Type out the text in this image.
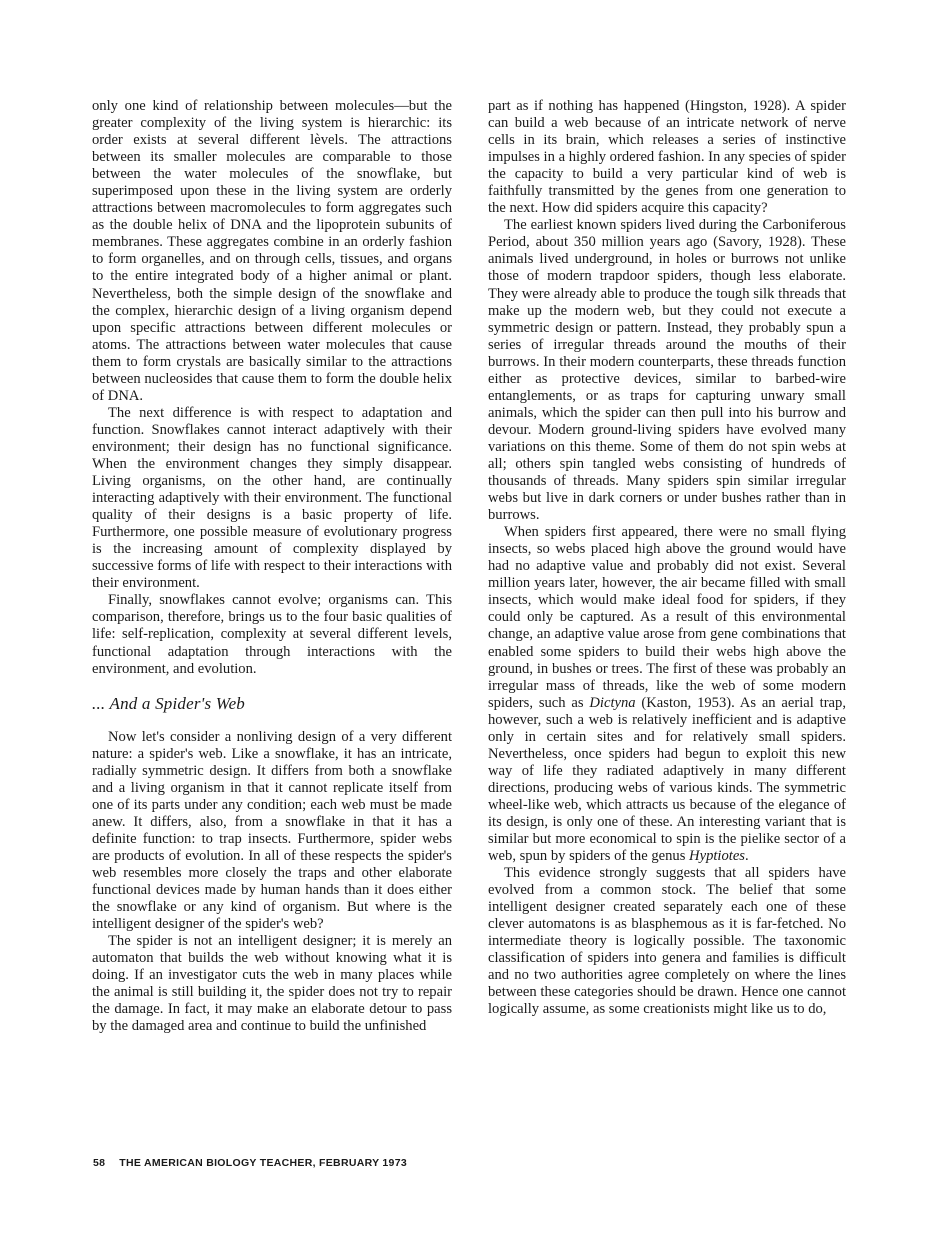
only one kind of relationship between molecules—but the greater complexity of the living system is hierarchic: its order exists at several different lèvels. The attractions between its smaller molecules are comparable to those between the water molecules of the snowflake, but superimposed upon these in the living system are orderly attractions between macromolecules to form aggregates such as the double helix of DNA and the lipoprotein subunits of membranes. These aggregates combine in an orderly fashion to form organelles, and on through cells, tissues, and organs to the entire integrated body of a higher animal or plant. Nevertheless, both the simple design of the snowflake and the complex, hierarchic design of a living organism depend upon specific attractions between different molecules or atoms. The attractions between water molecules that cause them to form crystals are basically similar to the attractions between nucleosides that cause them to form the double helix of DNA.

The next difference is with respect to adaptation and function. Snowflakes cannot interact adaptively with their environment; their design has no functional significance. When the environment changes they simply disappear. Living organisms, on the other hand, are continually interacting adaptively with their environment. The functional quality of their designs is a basic property of life. Furthermore, one possible measure of evolutionary progress is the increasing amount of complexity displayed by successive forms of life with respect to their interactions with their environment.

Finally, snowflakes cannot evolve; organisms can. This comparison, therefore, brings us to the four basic qualities of life: self-replication, complexity at several different levels, functional adaptation through interactions with the environment, and evolution.

... And a Spider's Web

Now let's consider a nonliving design of a very different nature: a spider's web. Like a snowflake, it has an intricate, radially symmetric design. It differs from both a snowflake and a living organism in that it cannot replicate itself from one of its parts under any condition; each web must be made anew. It differs, also, from a snowflake in that it has a definite function: to trap insects. Furthermore, spider webs are products of evolution. In all of these respects the spider's web resembles more closely the traps and other elaborate functional devices made by human hands than it does either the snowflake or any kind of organism. But where is the intelligent designer of the spider's web?

The spider is not an intelligent designer; it is merely an automaton that builds the web without knowing what it is doing. If an investigator cuts the web in many places while the animal is still building it, the spider does not try to repair the damage. In fact, it may make an elaborate detour to pass by the damaged area and continue to build the unfinished

part as if nothing has happened (Hingston, 1928). A spider can build a web because of an intricate network of nerve cells in its brain, which releases a series of instinctive impulses in a highly ordered fashion. In any species of spider the capacity to build a very particular kind of web is faithfully transmitted by the genes from one generation to the next. How did spiders acquire this capacity?

The earliest known spiders lived during the Carboniferous Period, about 350 million years ago (Savory, 1928). These animals lived underground, in holes or burrows not unlike those of modern trapdoor spiders, though less elaborate. They were already able to produce the tough silk threads that make up the modern web, but they could not execute a symmetric design or pattern. Instead, they probably spun a series of irregular threads around the mouths of their burrows. In their modern counterparts, these threads function either as protective devices, similar to barbed-wire entanglements, or as traps for capturing unwary small animals, which the spider can then pull into his burrow and devour. Modern ground-living spiders have evolved many variations on this theme. Some of them do not spin webs at all; others spin tangled webs consisting of hundreds of thousands of threads. Many spiders spin similar irregular webs but live in dark corners or under bushes rather than in burrows.

When spiders first appeared, there were no small flying insects, so webs placed high above the ground would have had no adaptive value and probably did not exist. Several million years later, however, the air became filled with small insects, which would make ideal food for spiders, if they could only be captured. As a result of this environmental change, an adaptive value arose from gene combinations that enabled some spiders to build their webs high above the ground, in bushes or trees. The first of these was probably an irregular mass of threads, like the web of some modern spiders, such as Dictyna (Kaston, 1953). As an aerial trap, however, such a web is relatively inefficient and is adaptive only in certain sites and for relatively small spiders. Nevertheless, once spiders had begun to exploit this new way of life they radiated adaptively in many different directions, producing webs of various kinds. The symmetric wheel-like web, which attracts us because of the elegance of its design, is only one of these. An interesting variant that is similar but more economical to spin is the pielike sector of a web, spun by spiders of the genus Hyptiotes.

This evidence strongly suggests that all spiders have evolved from a common stock. The belief that some intelligent designer created separately each one of these clever automatons is as blasphemous as it is far-fetched. No intermediate theory is logically possible. The taxonomic classification of spiders into genera and families is difficult and no two authorities agree completely on where the lines between these categories should be drawn. Hence one cannot logically assume, as some creationists might like us to do,

58 THE AMERICAN BIOLOGY TEACHER, FEBRUARY 1973
